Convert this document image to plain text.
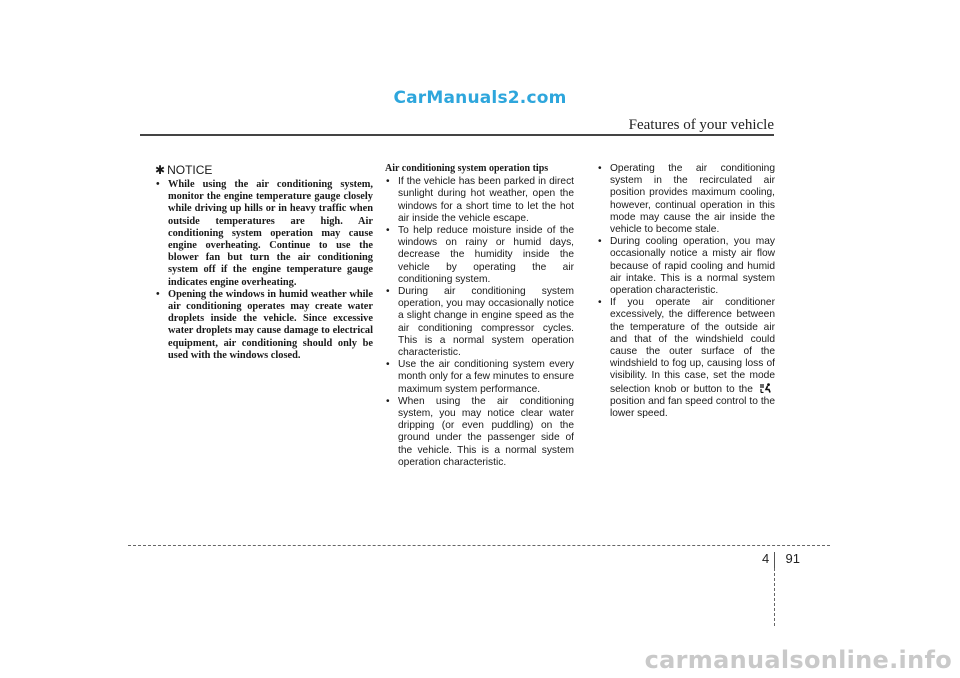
CarManuals2.com
Features of your vehicle
✱ NOTICE
• While using the air conditioning system, monitor the engine temperature gauge closely while driving up hills or in heavy traffic when outside temperatures are high. Air conditioning system operation may cause engine overheating. Continue to use the blower fan but turn the air conditioning system off if the engine temperature gauge indicates engine overheating.
• Opening the windows in humid weather while air conditioning operates may create water droplets inside the vehicle. Since excessive water droplets may cause damage to electrical equipment, air conditioning should only be used with the windows closed.
Air conditioning system operation tips
• If the vehicle has been parked in direct sunlight during hot weather, open the windows for a short time to let the hot air inside the vehicle escape.
• To help reduce moisture inside of the windows on rainy or humid days, decrease the humidity inside the vehicle by operating the air conditioning system.
• During air conditioning system operation, you may occasionally notice a slight change in engine speed as the air conditioning compressor cycles. This is a normal system operation characteristic.
• Use the air conditioning system every month only for a few minutes to ensure maximum system performance.
• When using the air conditioning system, you may notice clear water dripping (or even puddling) on the ground under the passenger side of the vehicle. This is a normal system operation characteristic.
• Operating the air conditioning system in the recirculated air position provides maximum cooling, however, continual operation in this mode may cause the air inside the vehicle to become stale.
• During cooling operation, you may occasionally notice a misty air flow because of rapid cooling and humid air intake. This is a normal system operation characteristic.
• If you operate air conditioner excessively, the difference between the temperature of the outside air and that of the windshield could cause the outer surface of the windshield to fog up, causing loss of visibility. In this case, set the mode selection knob or button to the  position and fan speed control to the lower speed.
4 91
carmanualsonline.info
